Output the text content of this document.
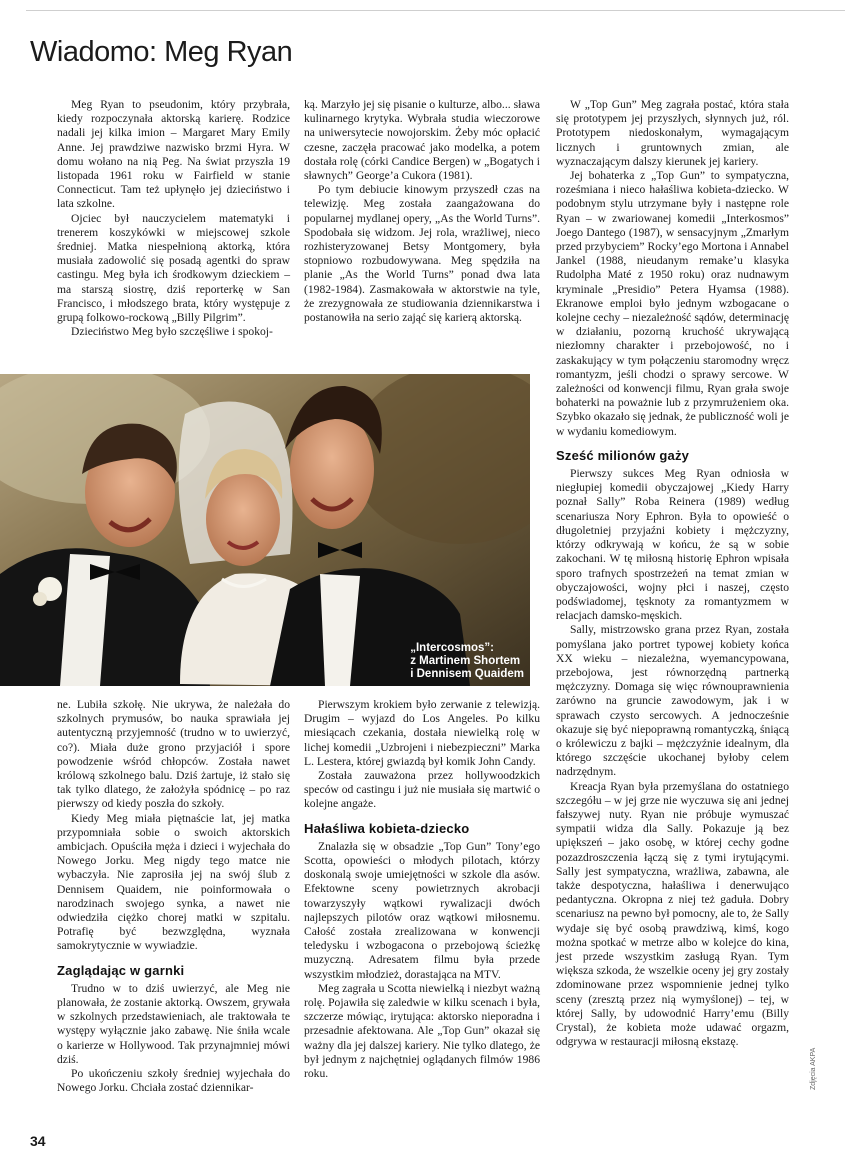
Wiadomo: Meg Ryan

Meg Ryan to pseudonim, który przybrała, kiedy rozpoczynała aktorską karierę. Rodzice nadali jej kilka imion – Margaret Mary Emily Anne. Jej prawdziwe nazwisko brzmi Hyra. W domu wołano na nią Peg. Na świat przyszła 19 listopada 1961 roku w Fairfield w stanie Connecticut. Tam też upłynęło jej dzieciństwo i lata szkolne.

Ojciec był nauczycielem matematyki i trenerem koszykówki w miejscowej szkole średniej. Matka niespełnioną aktorką, która musiała zadowolić się posadą agentki do spraw castingu. Meg była ich środkowym dzieckiem – ma starszą siostrę, dziś reporterkę w San Francisco, i młodszego brata, który występuje z grupą folkowo-rockową „Billy Pilgrim”.

Dzieciństwo Meg było szczęśliwe i spokoj-

ką. Marzyło jej się pisanie o kulturze, albo... sława kulinarnego krytyka. Wybrała studia wieczorowe na uniwersytecie nowojorskim. Żeby móc opłacić czesne, zaczęła pracować jako modelka, a potem dostała rolę (córki Candice Bergen) w „Bogatych i sławnych” George’a Cukora (1981).

Po tym debiucie kinowym przyszedł czas na telewizję. Meg została zaangażowana do popularnej mydlanej opery, „As the World Turns”. Spodobała się widzom. Jej rola, wrażliwej, nieco rozhisteryzowanej Betsy Montgomery, była stopniowo rozbudowywana. Meg spędziła na planie „As the World Turns” ponad dwa lata (1982-1984). Zasmakowała w aktorstwie na tyle, że zrezygnowała ze studiowania dziennikarstwa i postanowiła na serio zająć się karierą aktorską.

„Intercosmos”:
z Martinem Shortem
i Dennisem Quaidem

ne. Lubiła szkołę. Nie ukrywa, że należała do szkolnych prymusów, bo nauka sprawiała jej autentyczną przyjemność (trudno w to uwierzyć, co?). Miała duże grono przyjaciół i spore powodzenie wśród chłopców. Została nawet królową szkolnego balu. Dziś żartuje, iż stało się tak tylko dlatego, że założyła spódnicę – po raz pierwszy od kiedy poszła do szkoły.

Kiedy Meg miała piętnaście lat, jej matka przypomniała sobie o swoich aktorskich ambicjach. Opuściła męża i dzieci i wyjechała do Nowego Jorku. Meg nigdy tego matce nie wybaczyła. Nie zaprosiła jej na swój ślub z Dennisem Quaidem, nie poinformowała o narodzinach swojego synka, a nawet nie odwiedziła ciężko chorej matki w szpitalu. Potrafię być bezwzględna, wyznała samokrytycznie w wywiadzie.

Zaglądając w garnki

Trudno w to dziś uwierzyć, ale Meg nie planowała, że zostanie aktorką. Owszem, grywała w szkolnych przedstawieniach, ale traktowała te występy wyłącznie jako zabawę. Nie śniła wcale o karierze w Hollywood. Tak przynajmniej mówi dziś.

Po ukończeniu szkoły średniej wyjechała do Nowego Jorku. Chciała zostać dziennikar-

Pierwszym krokiem było zerwanie z telewizją. Drugim – wyjazd do Los Angeles. Po kilku miesiącach czekania, dostała niewielką rolę w lichej komedii „Uzbrojeni i niebezpieczni” Marka L. Lestera, której gwiazdą był komik John Candy.

Została zauważona przez hollywoodzkich speców od castingu i już nie musiała się martwić o kolejne angaże.

Hałaśliwa kobieta-dziecko

Znalazła się w obsadzie „Top Gun” Tony’ego Scotta, opowieści o młodych pilotach, którzy doskonalą swoje umiejętności w szkole dla asów. Efektowne sceny powietrznych akrobacji towarzyszyły wątkowi rywalizacji dwóch najlepszych pilotów oraz wątkowi miłosnemu. Całość została zrealizowana w konwencji teledysku i wzbogacona o przebojową ścieżkę muzyczną. Adresatem filmu była przede wszystkim młodzież, dorastająca na MTV.

Meg zagrała u Scotta niewielką i niezbyt ważną rolę. Pojawiła się zaledwie w kilku scenach i była, szczerze mówiąc, irytująca: aktorsko nieporadna i przesadnie afektowana. Ale „Top Gun” okazał się ważny dla jej dalszej kariery. Nie tylko dlatego, że był jednym z najchętniej oglądanych filmów 1986 roku.

W „Top Gun” Meg zagrała postać, która stała się prototypem jej przyszłych, słynnych już, ról. Prototypem niedoskonałym, wymagającym licznych i gruntownych zmian, ale wyznaczającym dalszy kierunek jej kariery.

Jej bohaterka z „Top Gun” to sympatyczna, roześmiana i nieco hałaśliwa kobieta-dziecko. W podobnym stylu utrzymane były i następne role Ryan – w zwariowanej komedii „Interkosmos” Joego Dantego (1987), w sensacyjnym „Zmarłym przed przybyciem” Rocky’ego Mortona i Annabel Jankel (1988, nieudanym remake’u klasyka Rudolpha Maté z 1950 roku) oraz nudnawym kryminale „Presidio” Petera Hyamsa (1988). Ekranowe emploi było jednym wzbogacane o kolejne cechy – niezależność sądów, determinację w działaniu, pozorną kruchość ukrywającą niezłomny charakter i przebojowość, no i zaskakujący w tym połączeniu staromodny wręcz romantyzm, jeśli chodzi o sprawy sercowe. W zależności od konwencji filmu, Ryan grała swoje bohaterki na poważnie lub z przymrużeniem oka. Szybko okazało się jednak, że publiczność woli je w wydaniu komediowym.

Sześć milionów gaży

Pierwszy sukces Meg Ryan odniosła w niegłupiej komedii obyczajowej „Kiedy Harry poznał Sally” Roba Reinera (1989) według scenariusza Nory Ephron. Była to opowieść o długoletniej przyjaźni kobiety i mężczyzny, którzy odkrywają w końcu, że są w sobie zakochani. W tę miłosną historię Ephron wpisała sporo trafnych spostrzeżeń na temat zmian w obyczajowości, wojny płci i naszej, często podświadomej, tęsknoty za romantyzmem w relacjach damsko-męskich.

Sally, mistrzowsko grana przez Ryan, została pomyślana jako portret typowej kobiety końca XX wieku – niezależna, wyemancypowana, przebojowa, jest równorzędną partnerką mężczyzny. Domaga się więc równouprawnienia zarówno na gruncie zawodowym, jak i w sprawach czysto sercowych. A jednocześnie okazuje się być niepoprawną romantyczką, śniącą o królewiczu z bajki – mężczyźnie idealnym, dla którego szczęście ukochanej byłoby celem nadrzędnym.

Kreacja Ryan była przemyślana do ostatniego szczegółu – w jej grze nie wyczuwa się ani jednej fałszywej nuty. Ryan nie próbuje wymuszać sympatii widza dla Sally. Pokazuje ją bez upiększeń – jako osobę, w której cechy godne pozazdroszczenia łączą się z tymi irytującymi. Sally jest sympatyczna, wrażliwa, zabawna, ale także despotyczna, hałaśliwa i denerwująco pedantyczna. Okropna z niej też gaduła. Dobry scenariusz na pewno był pomocny, ale to, że Sally wydaje się być osobą prawdziwą, kimś, kogo można spotkać w metrze albo w kolejce do kina, jest przede wszystkim zasługą Ryan. Tym większa szkoda, że wszelkie oceny jej gry zostały zdominowane przez wspomnienie jednej tylko sceny (zresztą przez nią wymyślonej) – tej, w której Sally, by udowodnić Harry’emu (Billy Crystal), że kobieta może udawać orgazm, odgrywa w restauracji miłosną ekstazę.

Zdjęcia AKPA
34
